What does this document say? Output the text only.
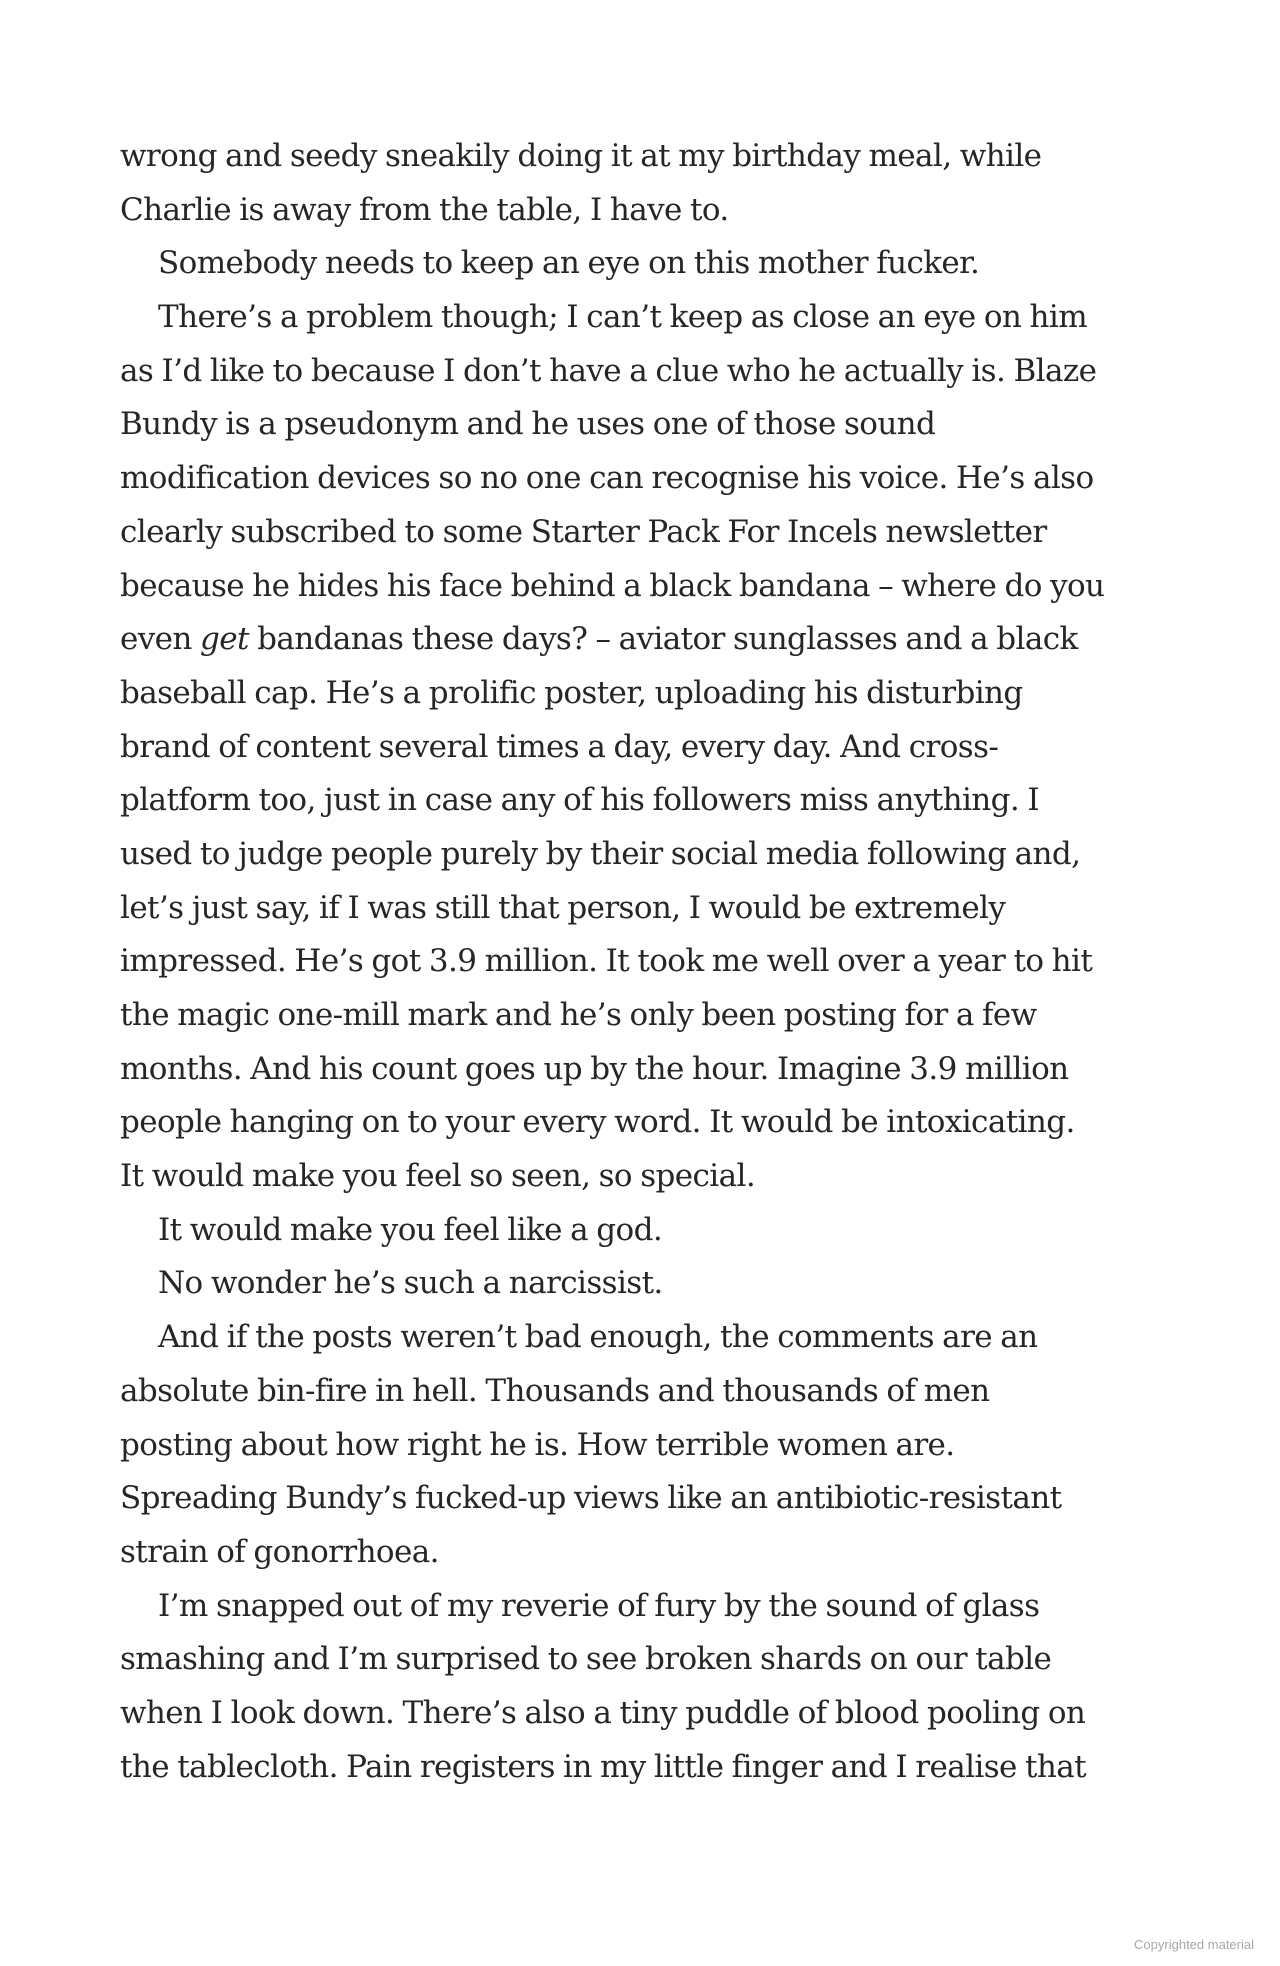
wrong and seedy sneakily doing it at my birthday meal, while
Charlie is away from the table, I have to.
Somebody needs to keep an eye on this mother fucker.
There’s a problem though; I can’t keep as close an eye on him
as I’d like to because I don’t have a clue who he actually is. Blaze
Bundy is a pseudonym and he uses one of those sound
modification devices so no one can recognise his voice. He’s also
clearly subscribed to some Starter Pack For Incels newsletter
because he hides his face behind a black bandana – where do you
even get bandanas these days? – aviator sunglasses and a black
baseball cap. He’s a prolific poster, uploading his disturbing
brand of content several times a day, every day. And cross-
platform too, just in case any of his followers miss anything. I
used to judge people purely by their social media following and,
let’s just say, if I was still that person, I would be extremely
impressed. He’s got 3.9 million. It took me well over a year to hit
the magic one-mill mark and he’s only been posting for a few
months. And his count goes up by the hour. Imagine 3.9 million
people hanging on to your every word. It would be intoxicating.
It would make you feel so seen, so special.
It would make you feel like a god.
No wonder he’s such a narcissist.
And if the posts weren’t bad enough, the comments are an
absolute bin-fire in hell. Thousands and thousands of men
posting about how right he is. How terrible women are.
Spreading Bundy’s fucked-up views like an antibiotic-resistant
strain of gonorrhoea.
I’m snapped out of my reverie of fury by the sound of glass
smashing and I’m surprised to see broken shards on our table
when I look down. There’s also a tiny puddle of blood pooling on
the tablecloth. Pain registers in my little finger and I realise that
Copyrighted material
